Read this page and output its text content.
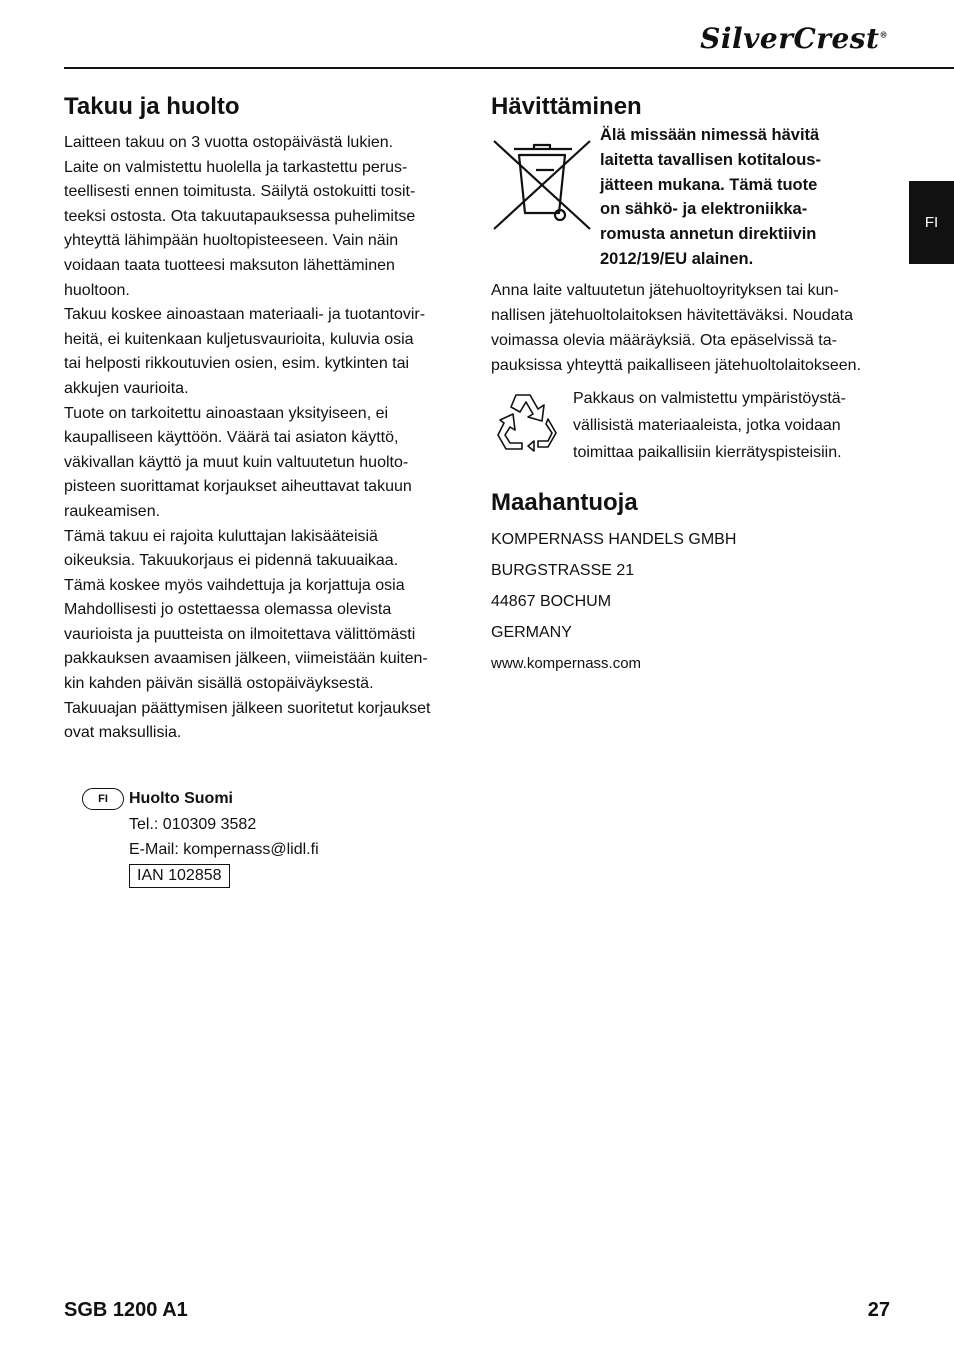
SilverCrest®
FI
Takuu ja huolto

Laitteen takuu on 3 vuotta ostopäivästä lukien.

Laite on valmistettu huolella ja tarkastettu perus-

teellisesti ennen toimitusta. Säilytä ostokuitti tosit-

teeksi ostosta. Ota takuutapauksessa puhelimitse

yhteyttä lähimpään huoltopisteeseen. Vain näin

voidaan taata tuotteesi maksuton lähettäminen

huoltoon.

Takuu koskee ainoastaan materiaali- ja tuotantovir-

heitä, ei kuitenkaan kuljetusvaurioita, kuluvia osia

tai helposti rikkoutuvien osien, esim. kytkinten tai

akkujen vaurioita.

Tuote on tarkoitettu ainoastaan yksityiseen, ei

kaupalliseen käyttöön. Väärä tai asiaton käyttö,

väkivallan käyttö ja muut kuin valtuutetun huolto-

pisteen suorittamat korjaukset aiheuttavat takuun

raukeamisen.

Tämä takuu ei rajoita kuluttajan lakisääteisiä

oikeuksia. Takuukorjaus ei pidennä takuuaikaa.

Tämä koskee myös vaihdettuja ja korjattuja osia

Mahdollisesti jo ostettaessa olemassa olevista

vaurioista ja puutteista on ilmoitettava välittömästi

pakkauksen avaamisen jälkeen, viimeistään kuiten-

kin kahden päivän sisällä ostopäiväyksestä.

Takuuajan päättymisen jälkeen suoritetut korjaukset

ovat maksullisia.

FI	Huolto Suomi
Tel.: 010309 3582
E-Mail: kompernass@lidl.fi
IAN 102858
Hävittäminen
Älä missään nimessä hävitä
laitetta tavallisen kotitalous-
jätteen mukana. Tämä tuote
on sähkö- ja elektroniikka-
romusta annetun direktiivin
2012/19/EU alainen.

Anna laite valtuutetun jätehuoltoyrityksen tai kun-

nallisen jätehuoltolaitoksen hävitettäväksi. Noudata

voimassa olevia määräyksiä. Ota epäselvissä ta-

pauksissa yhteyttä paikalliseen jätehuoltolaitokseen.

Pakkaus on valmistettu ympäristöystä-
vällisistä materiaaleista, jotka voidaan
toimittaa paikallisiin kierrätyspisteisiin.
Maahantuoja
KOMPERNASS HANDELS GMBH
BURGSTRASSE 21
44867 BOCHUM
GERMANY
www.kompernass.com
SGB 1200 A1	27
